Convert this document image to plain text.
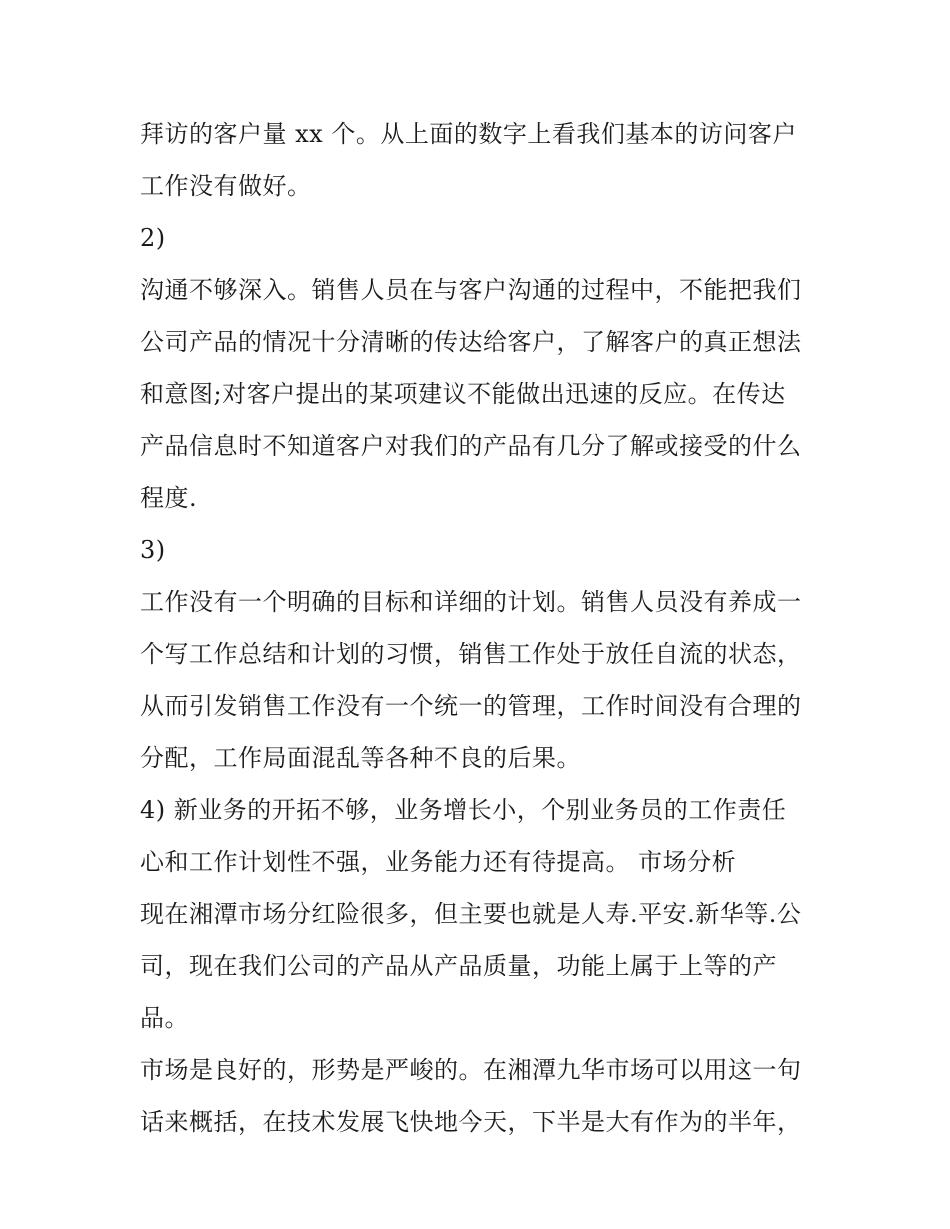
拜访的客户量 xx 个。从上面的数字上看我们基本的访问客户
工作没有做好。
2)
沟通不够深入。销售人员在与客户沟通的过程中，不能把我们
公司产品的情况十分清晰的传达给客户，了解客户的真正想法
和意图;对客户提出的某项建议不能做出迅速的反应。在传达
产品信息时不知道客户对我们的产品有几分了解或接受的什么
程度.
3)
工作没有一个明确的目标和详细的计划。销售人员没有养成一
个写工作总结和计划的习惯，销售工作处于放任自流的状态，
从而引发销售工作没有一个统一的管理，工作时间没有合理的
分配，工作局面混乱等各种不良的后果。
4) 新业务的开拓不够，业务增长小，个别业务员的工作责任
心和工作计划性不强，业务能力还有待提高。 市场分析
现在湘潭市场分红险很多，但主要也就是人寿.平安.新华等.公
司，现在我们公司的产品从产品质量，功能上属于上等的产
品。
市场是良好的，形势是严峻的。在湘潭九华市场可以用这一句
话来概括，在技术发展飞快地今天，下半是大有作为的半年，
